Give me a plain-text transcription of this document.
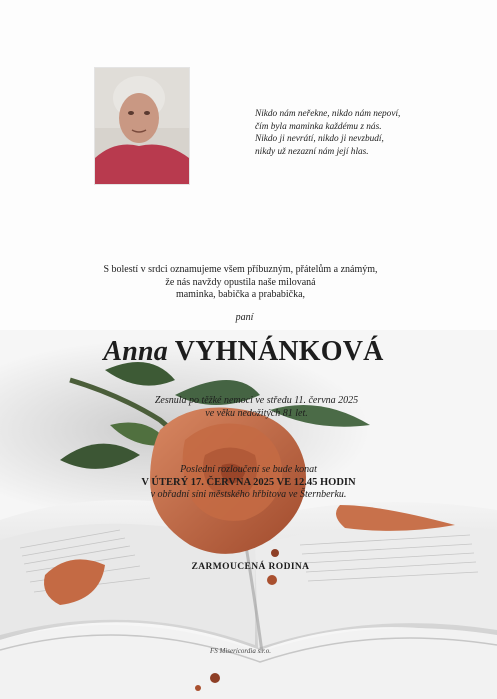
Nikdo nám neřekne, nikdo nám nepoví,
čím byla maminka každému z nás.
Nikdo ji nevrátí, nikdo ji nevzbudí,
nikdy už nezazní nám její hlas.
S bolestí v srdci oznamujeme všem příbuzným, přátelům a známým,
že nás navždy opustila naše milovaná
maminka, babička a prababička,
paní
Anna VYHNÁNKOVÁ
Zesnula po těžké nemoci ve středu 11. června 2025
ve věku nedožitých 81 let.
Poslední rozloučení se bude konat
V ÚTERÝ 17. ČERVNA 2025 VE 12.45 HODIN
v obřadní síni městského hřbitova ve Šternberku.
ZARMOUCENÁ RODINA
FS Misericordia s.r.o.
